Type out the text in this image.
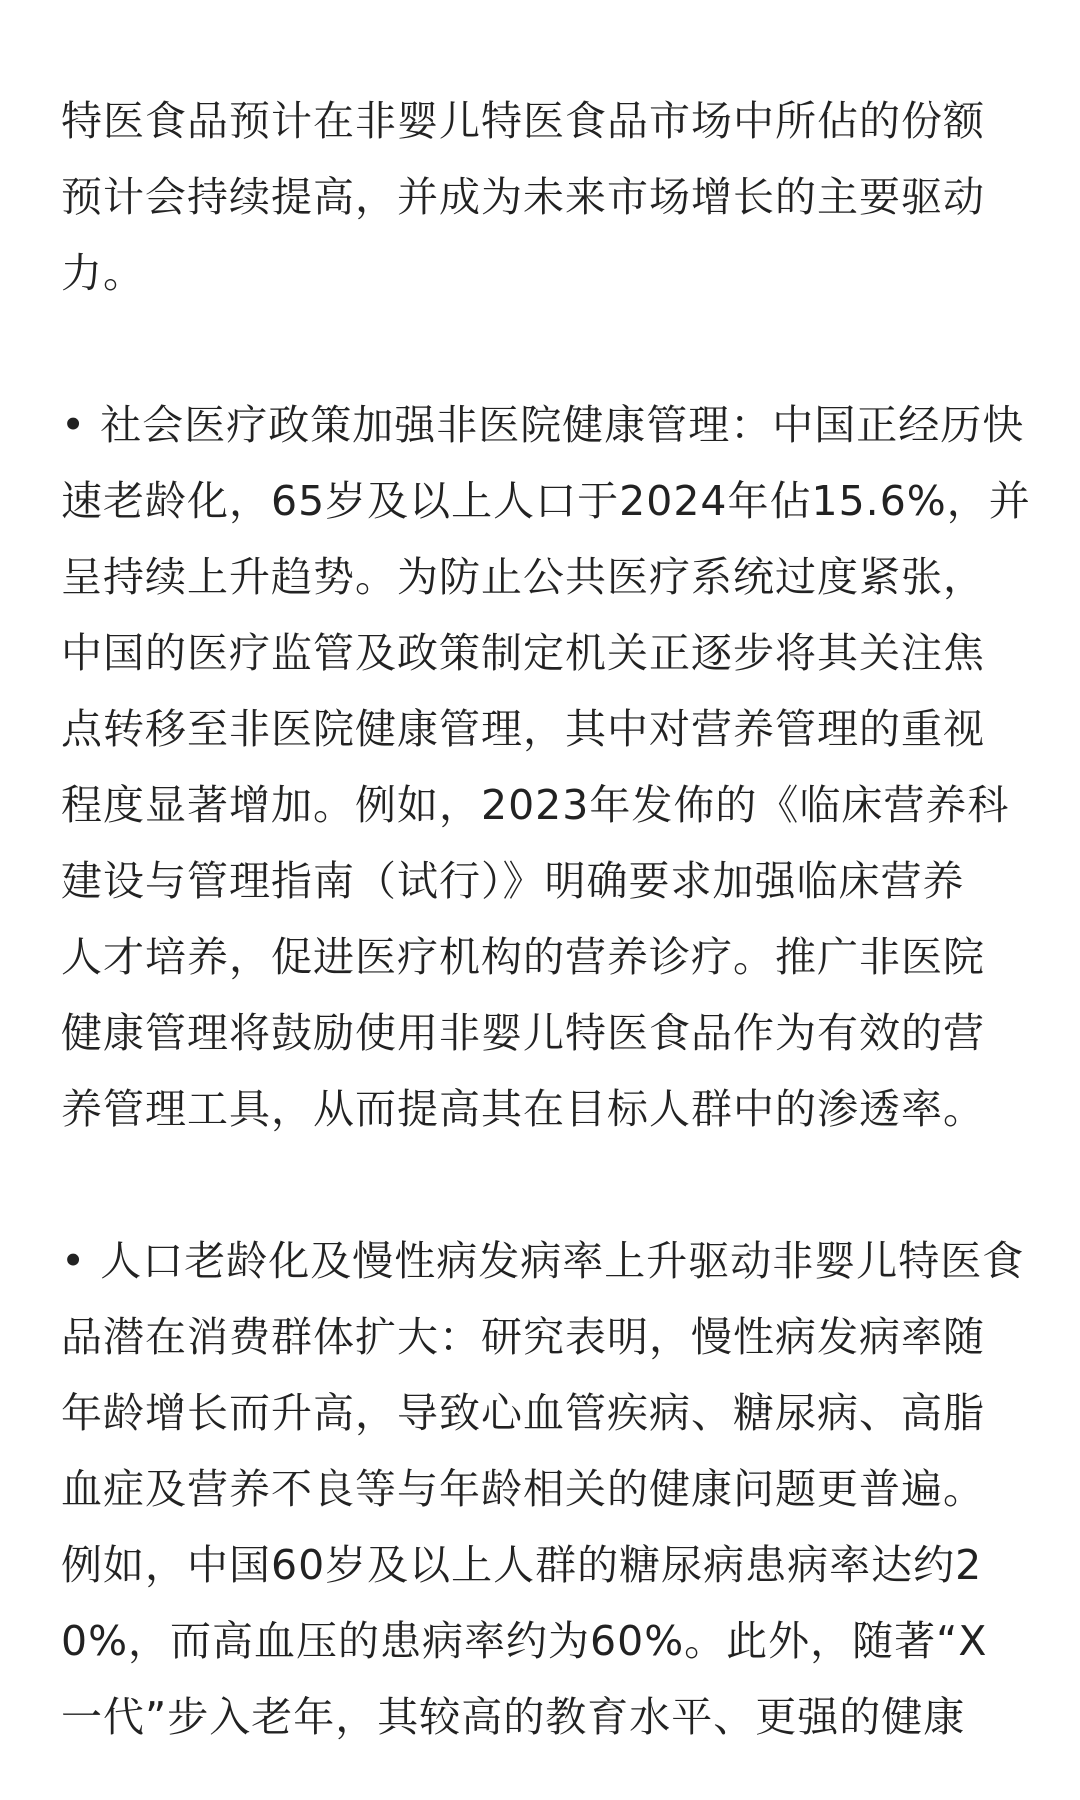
特医食品预计在非婴儿特医食品市场中所佔的份额
预计会持续提高，并成为未来市场增长的主要驱动
力。
• 社会医疗政策加强非医院健康管理：中国正经历快
速老龄化，65岁及以上人口于2024年佔15.6%，并
呈持续上升趋势。为防止公共医疗系统过度紧张，
中国的医疗监管及政策制定机关正逐步将其关注焦
点转移至非医院健康管理，其中对营养管理的重视
程度显著增加。例如，2023年发佈的《临床营养科
建设与管理指南（试行）》明确要求加强临床营养
人才培养，促进医疗机构的营养诊疗。推广非医院
健康管理将鼓励使用非婴儿特医食品作为有效的营
养管理工具，从而提高其在目标人群中的渗透率。
• 人口老龄化及慢性病发病率上升驱动非婴儿特医食
品潜在消费群体扩大：研究表明，慢性病发病率随
年龄增长而升高，导致心血管疾病、糖尿病、高脂
血症及营养不良等与年龄相关的健康问题更普遍。
例如，中国60岁及以上人群的糖尿病患病率达约2
0%，而高血压的患病率约为60%。此外，随著“X
一代”步入老年，其较高的教育水平、更强的健康
